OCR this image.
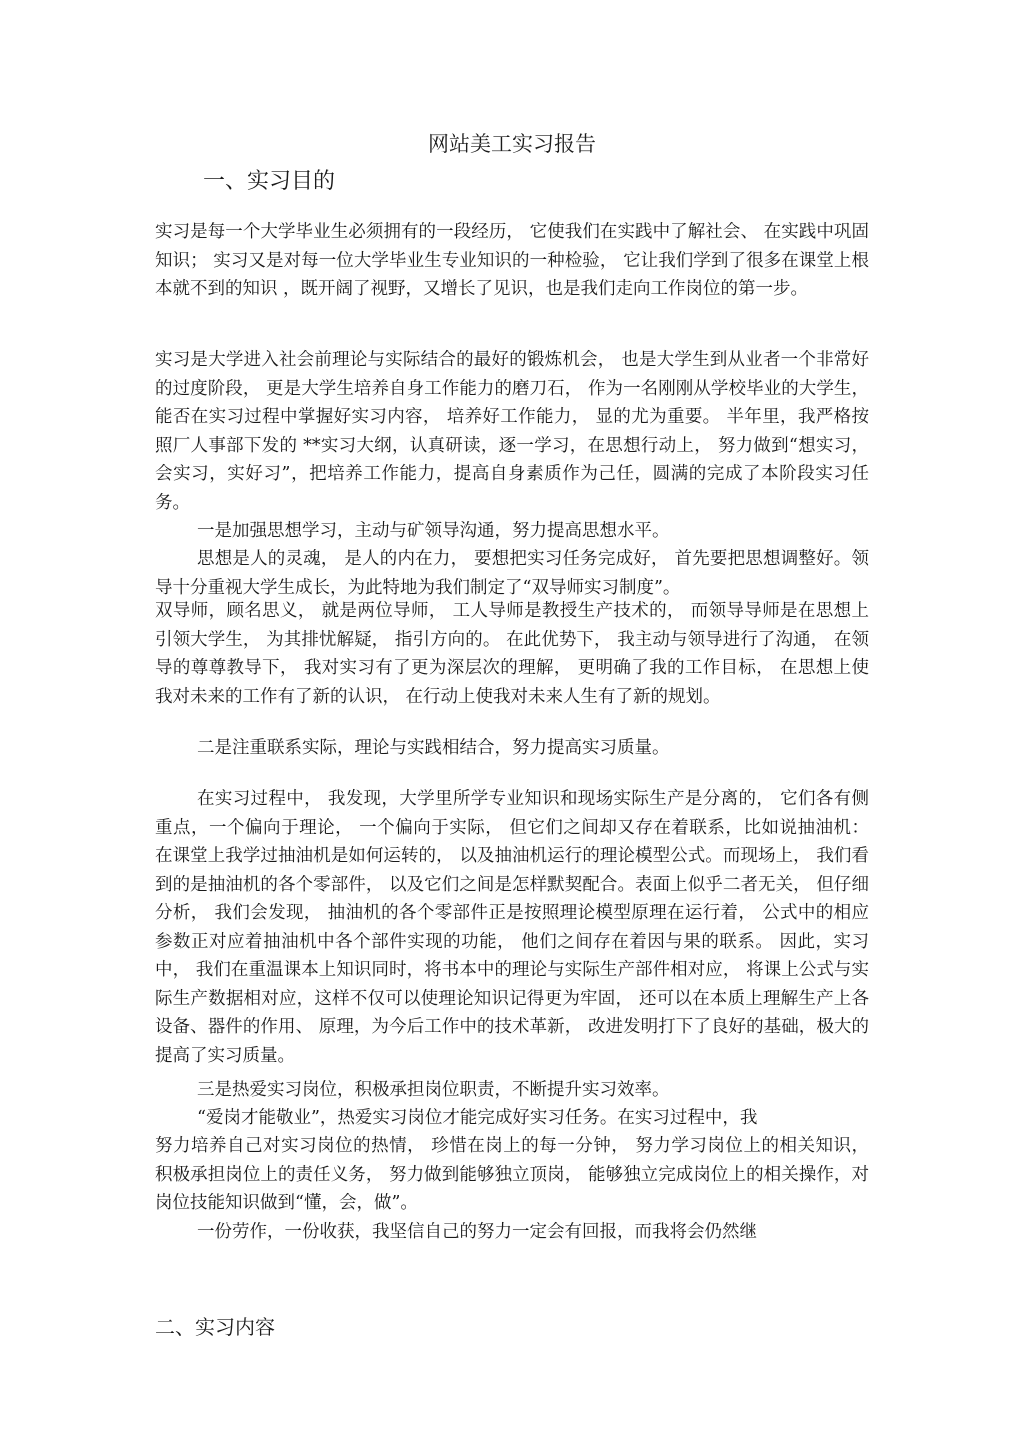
网站美工实习报告
一、实习目的
实习是每一个大学毕业生必须拥有的一段经历， 它使我们在实践中了解社会、 在实践中巩固知识； 实习又是对每一位大学毕业生专业知识的一种检验， 它让我们学到了很多在课堂上根本就不到的知识 ，既开阔了视野，又增长了见识，也是我们走向工作岗位的第一步。
实习是大学进入社会前理论与实际结合的最好的锻炼机会， 也是大学生到从业者一个非常好的过度阶段， 更是大学生培养自身工作能力的磨刀石， 作为一名刚刚从学校毕业的大学生， 能否在实习过程中掌握好实习内容， 培养好工作能力， 显的尤为重要。 半年里，我严格按照厂人事部下发的 **实习大纲，认真研读，逐一学习，在思想行动上， 努力做到“想实习， 会实习，实好习”，把培养工作能力，提高自身素质作为己任，圆满的完成了本阶段实习任务。
一是加强思想学习，主动与矿领导沟通，努力提高思想水平。
思想是人的灵魂， 是人的内在力， 要想把实习任务完成好， 首先要把思想调整好。领导十分重视大学生成长，为此特地为我们制定了“双导师实习制度”。
双导师，顾名思义， 就是两位导师， 工人导师是教授生产技术的， 而领导导师是在思想上引领大学生， 为其排忧解疑， 指引方向的。 在此优势下， 我主动与领导进行了沟通， 在领导的尊尊教导下， 我对实习有了更为深层次的理解， 更明确了我的工作目标， 在思想上使我对未来的工作有了新的认识， 在行动上使我对未来人生有了新的规划。
二是注重联系实际，理论与实践相结合，努力提高实习质量。
在实习过程中， 我发现，大学里所学专业知识和现场实际生产是分离的， 它们各有侧重点，一个偏向于理论， 一个偏向于实际， 但它们之间却又存在着联系，比如说抽油机： 在课堂上我学过抽油机是如何运转的， 以及抽油机运行的理论模型公式。而现场上， 我们看到的是抽油机的各个零部件， 以及它们之间是怎样默契配合。表面上似乎二者无关， 但仔细分析， 我们会发现， 抽油机的各个零部件正是按照理论模型原理在运行着， 公式中的相应参数正对应着抽油机中各个部件实现的功能， 他们之间存在着因与果的联系。 因此，实习中， 我们在重温课本上知识同时，将书本中的理论与实际生产部件相对应， 将课上公式与实际生产数据相对应，这样不仅可以使理论知识记得更为牢固， 还可以在本质上理解生产上各设备、器件的作用、 原理，为今后工作中的技术革新， 改进发明打下了良好的基础，极大的提高了实习质量。
三是热爱实习岗位，积极承担岗位职责，不断提升实习效率。
“爱岗才能敬业”，热爱实习岗位才能完成好实习任务。在实习过程中，我
努力培养自己对实习岗位的热情， 珍惜在岗上的每一分钟， 努力学习岗位上的相关知识， 积极承担岗位上的责任义务， 努力做到能够独立顶岗， 能够独立完成岗位上的相关操作，对岗位技能知识做到“懂，会，做”。
一份劳作，一份收获，我坚信自己的努力一定会有回报，而我将会仍然继
二、实习内容
